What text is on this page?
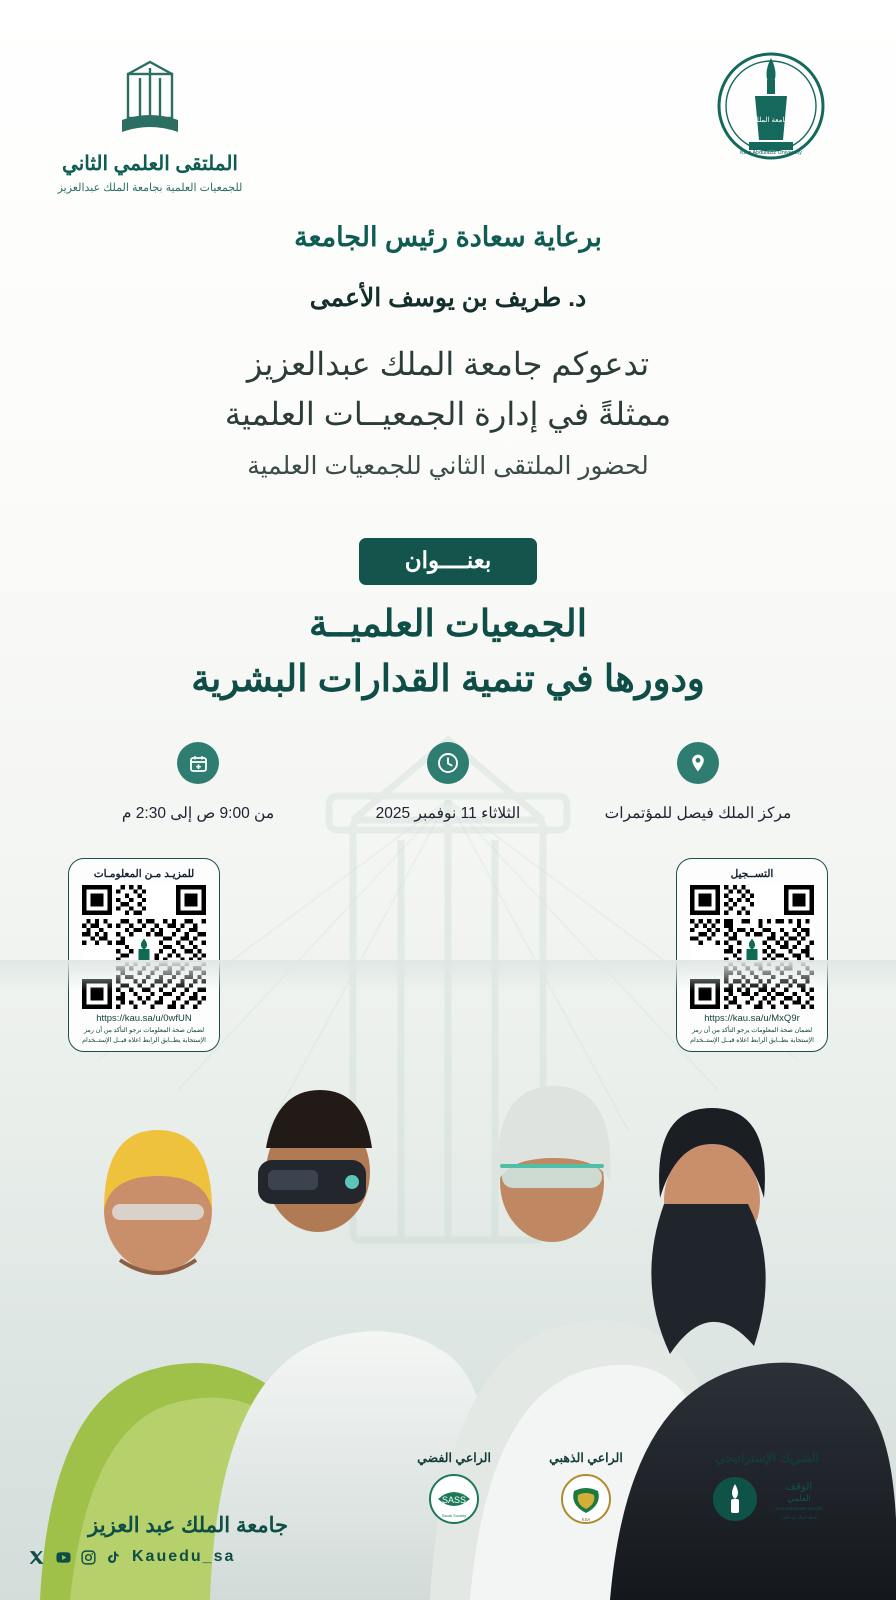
جامعة الملك
King Abdulaziz University
الملتقى العلمي الثاني
للجمعيات العلمية بجامعة الملك عبدالعزيز
برعاية سعادة رئيس الجامعة
د. طريف بن يوسف الأعمى
تدعوكم جامعة الملك عبدالعزيز
ممثلةً في إدارة الجمعيــات العلمية
لحضور الملتقى الثاني للجمعيات العلمية
بعنــــوان
الجمعيات العلميــة
ودورها في تنمية القدارات البشرية
مركز الملك فيصل للمؤتمرات
الثلاثاء 11 نوفمبر 2025
من 9:00 ص إلى 2:30 م
التســجيل
للمزيـد مـن المعلومـات
الشريك الإستراتيجي
الوقف
العلمي
KAU Endowment (WAQF)
جامعة الملك عبد العزيز
الراعي الذهبي
KSA
الراعي الفضي
SASS
Saudi Society
جامعة الملك عبد العزيز
Kauedu_sa
